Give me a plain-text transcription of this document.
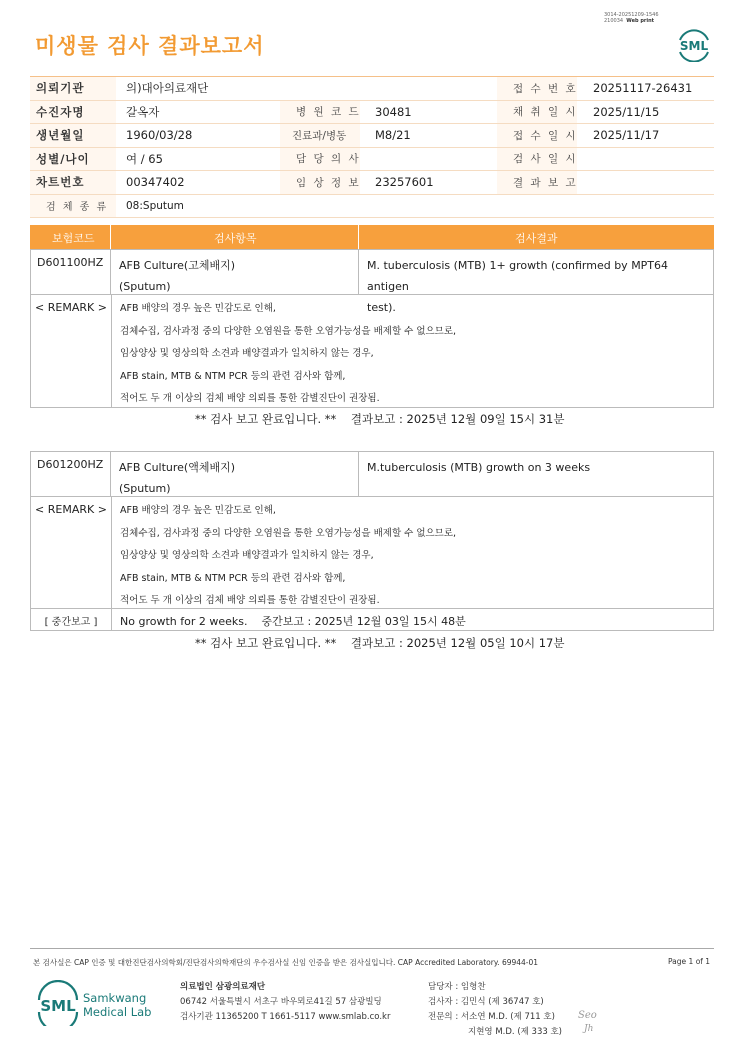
3014-20251209-1546
210034 Web print
미생물 검사 결과보고서	SML
의뢰기관	의)대아의료재단	접 수 번 호 20251117-26431
수진자명	갈옥자	병 원 코 드 30481	채 취 일 시 2025/11/15
생년월일	1960/03/28	진료과/병동 M8/21	접 수 일 시 2025/11/17
성별/나이	여 / 65	담 당 의 사	검 사 일 시
차트번호	00347402	임 상 정 보 23257601	결 과 보 고
검 체 종 류 08:Sputum
보험코드	검사항목	검사결과
D601100HZ	AFB Culture(고체배지)
(Sputum)
M. tuberculosis (MTB) 1+ growth (confirmed by MPT64 antigen
test).
< REMARK >	AFB 배양의 경우 높은 민감도로 인해,
검체수집, 검사과정 중의 다양한 오염원을 통한 오염가능성을 배제할 수 없으므로,
임상양상 및 영상의학 소견과 배양결과가 일치하지 않는 경우,
AFB stain, MTB & NTM PCR 등의 관련 검사와 함께,
적어도 두 개 이상의 검체 배양 의뢰를 통한 감별진단이 권장됨.
** 검사 보고 완료입니다. ** 결과보고 : 2025년 12월 09일 15시 31분
D601200HZ	AFB Culture(액체배지)
(Sputum)
M.tuberculosis (MTB) growth on 3 weeks
< REMARK >	AFB 배양의 경우 높은 민감도로 인해,
검체수집, 검사과정 중의 다양한 오염원을 통한 오염가능성을 배제할 수 없으므로,
임상양상 및 영상의학 소견과 배양결과가 일치하지 않는 경우,
AFB stain, MTB & NTM PCR 등의 관련 검사와 함께,
적어도 두 개 이상의 검체 배양 의뢰를 통한 감별진단이 권장됨.
[ 중간보고 ]	No growth for 2 weeks. 중간보고 : 2025년 12월 03일 15시 48분
** 검사 보고 완료입니다. ** 결과보고 : 2025년 12월 05일 10시 17분
본 검사실은 CAP 인증 및 대한진단검사의학회/진단검사의학재단의 우수검사실 신임 인증을 받은 검사실입니다. CAP Accredited Laboratory. 69944-01	Page 1 of 1
SML Samkwang
Medical Lab
의료법인 삼광의료재단
06742 서울특별시 서초구 바우뫼로41길 57 삼광빌딩
검사기관 11365200 T 1661-5117 www.smlab.co.kr
담당자 : 임형찬
검사자 : 김민식 (제 36747 호)
전문의 : 서소연 M.D. (제 711 호)
지현영 M.D. (제 333 호)
Seo
Jh
